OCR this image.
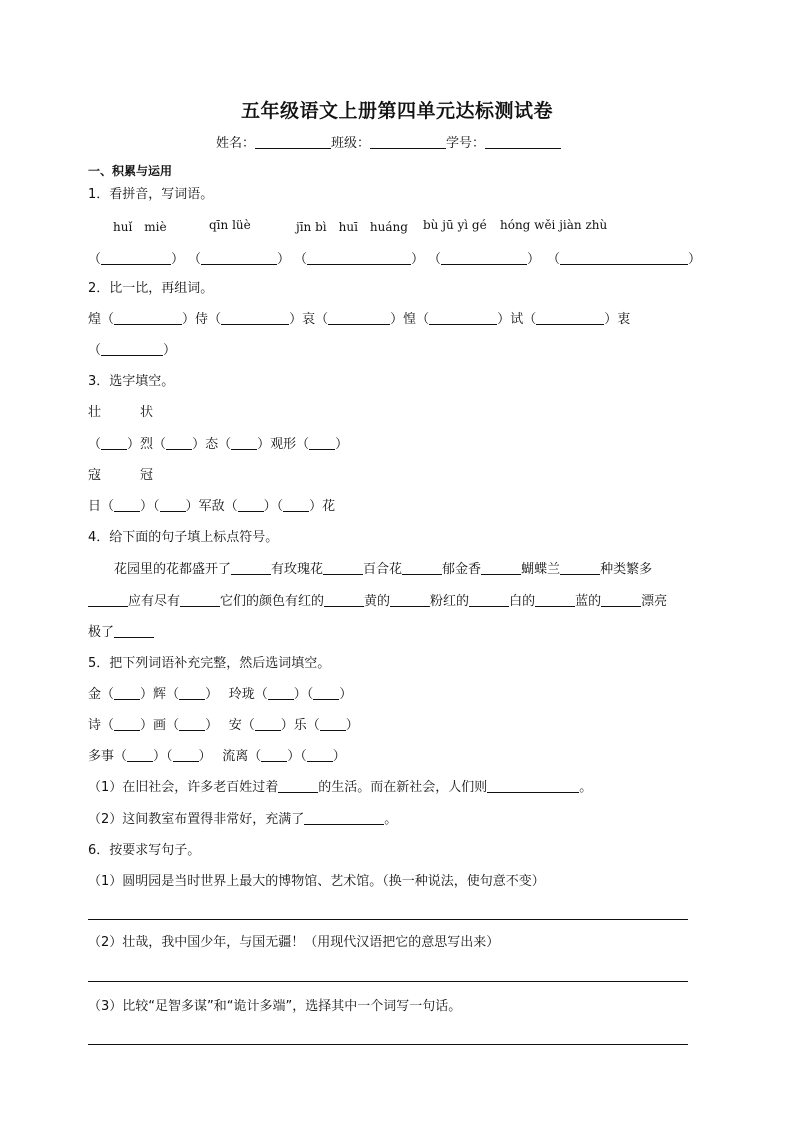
五年级语文上册第四单元达标测试卷
姓名：	班级：	学号：
一、积累与运用
1．看拼音，写词语。
huǐ　miè	qīn lüè	jīn bì　huī　huáng bù jū yì gé hóng wěi jiàn zhù
（	） （	） （	） （	） （	）
2．比一比，再组词。
煌（	）侍（	）哀（	）惶（	）试（	）衷
（	）
3．选字填空。
壮　　　状
（ ）烈（ ）态（ ）观形（ ）
寇　　　冠
日（ ）（ ）军敌（ ）（ ）花
4．给下面的句子填上标点符号。
花园里的花都盛开了	有玫瑰花	百合花	郁金香	蝴蝶兰	种类繁多
应有尽有	它们的颜色有红的	黄的	粉红的	白的	蓝的	漂亮
极了
5．把下列词语补充完整，然后选词填空。
金（ ）辉（ ）　 玲珑（ ）（ ）
诗（ ）画（ ）　 安（ ）乐（ ）
多事（ ）（ ）　 流离（ ）（ ）
（1）在旧社会，许多老百姓过着	的生活。而在新社会，人们则	。
（2）这间教室布置得非常好，充满了	。
6．按要求写句子。
（1）圆明园是当时世界上最大的博物馆、艺术馆。（换一种说法，使句意不变）
（2）壮哉，我中国少年，与国无疆！（用现代汉语把它的意思写出来）
（3）比较“足智多谋”和“诡计多端”，选择其中一个词写一句话。
